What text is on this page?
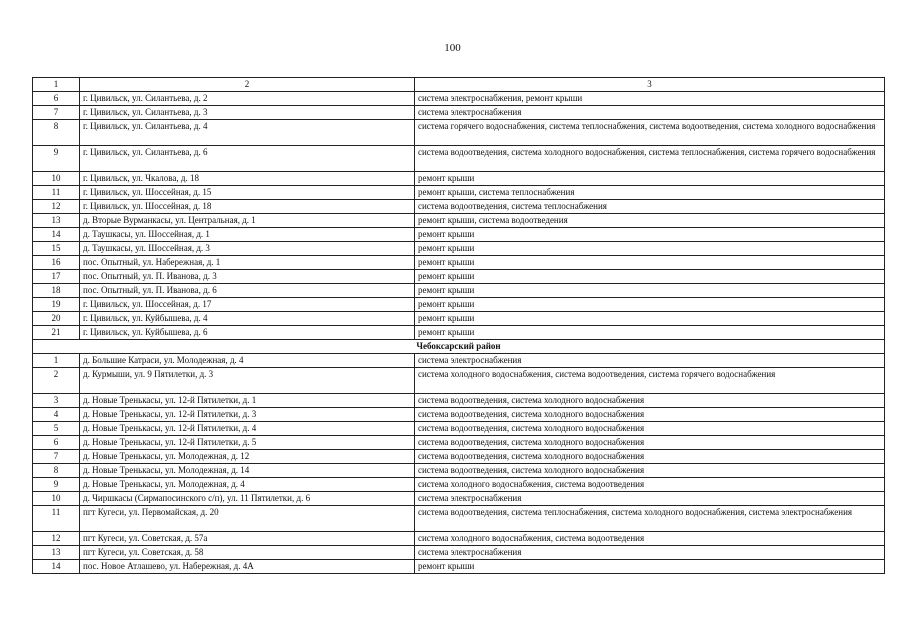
100
1	2	3
6	г. Цивильск, ул. Силантьева, д. 2	система электроснабжения, ремонт крыши
7	г. Цивильск, ул. Силантьева, д. 3	система электроснабжения
8	г. Цивильск, ул. Силантьева, д. 4	система горячего водоснабжения, система теплоснабжения, система водоотведения, система холодного водоснабжения
9	г. Цивильск, ул. Силантьева, д. 6	система водоотведения, система холодного водоснабжения, система теплоснабжения, система горячего водоснабжения
10	г. Цивильск, ул. Чкалова, д. 18	ремонт крыши
11	г. Цивильск, ул. Шоссейная, д. 15	ремонт крыши, система теплоснабжения
12	г. Цивильск, ул. Шоссейная, д. 18	система водоотведения, система теплоснабжения
13	д. Вторые Вурманкасы, ул. Центральная, д. 1	ремонт крыши, система водоотведения
14	д. Таушкасы, ул. Шоссейная, д. 1	ремонт крыши
15	д. Таушкасы, ул. Шоссейная, д. 3	ремонт крыши
16	пос. Опытный, ул. Набережная, д. 1	ремонт крыши
17	пос. Опытный, ул. П. Иванова, д. 3	ремонт крыши
18	пос. Опытный, ул. П. Иванова, д. 6	ремонт крыши
19	г. Цивильск, ул. Шоссейная, д. 17	ремонт крыши
20	г. Цивильск, ул. Куйбышева, д. 4	ремонт крыши
21	г. Цивильск, ул. Куйбышева, д. 6	ремонт крыши
Чебоксарский район		
1	д. Большие Катраси, ул. Молодежная, д. 4	система электроснабжения
2	д. Курмыши, ул. 9 Пятилетки, д. 3	система холодного водоснабжения, система водоотведения, система горячего водоснабжения
3	д. Новые Тренькасы, ул. 12-й Пятилетки, д. 1	система водоотведения, система холодного водоснабжения
4	д. Новые Тренькасы, ул. 12-й Пятилетки, д. 3	система водоотведения, система холодного водоснабжения
5	д. Новые Тренькасы, ул. 12-й Пятилетки, д. 4	система водоотведения, система холодного водоснабжения
6	д. Новые Тренькасы, ул. 12-й Пятилетки, д. 5	система водоотведения, система холодного водоснабжения
7	д. Новые Тренькасы, ул. Молодежная, д. 12	система водоотведения, система холодного водоснабжения
8	д. Новые Тренькасы, ул. Молодежная, д. 14	система водоотведения, система холодного водоснабжения
9	д. Новые Тренькасы, ул. Молодежная, д. 4	система холодного водоснабжения, система водоотведения
10	д. Чиршкасы (Сирмапосинского с/п), ул. 11 Пятилетки, д. 6	система электроснабжения
11	пгт Кугеси, ул. Первомайская, д. 20	система водоотведения, система теплоснабжения, система холодного водоснабжения, система электроснабжения
12	пгт Кугеси, ул. Советская, д. 57а	система холодного водоснабжения, система водоотведения
13	пгт Кугеси, ул. Советская, д. 58	система электроснабжения
14	пос. Новое Атлашево, ул. Набережная, д. 4А	ремонт крыши
